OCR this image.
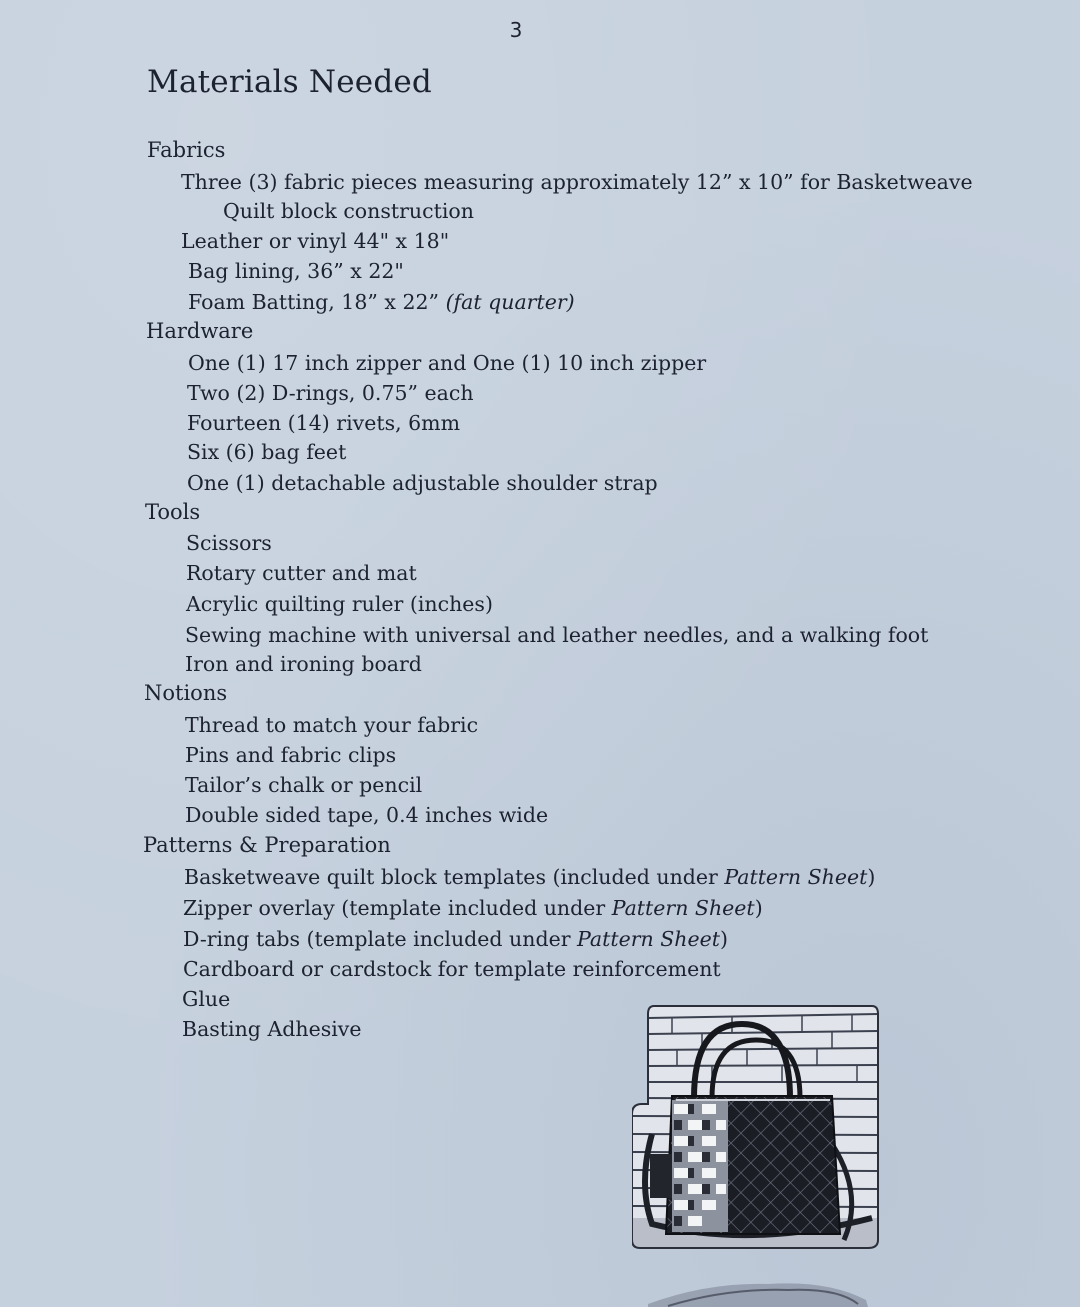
3
Materials Needed
Fabrics
Three (3) fabric pieces measuring approximately 12” x 10” for Basketweave
Quilt block construction
Leather or vinyl 44" x 18"
Bag lining, 36” x 22"
Foam Batting, 18” x 22” (fat quarter)
Hardware
One (1) 17 inch zipper and One (1) 10 inch zipper
Two (2) D-rings, 0.75” each
Fourteen (14) rivets, 6mm
Six (6) bag feet
One (1) detachable adjustable shoulder strap
Tools
Scissors
Rotary cutter and mat
Acrylic quilting ruler (inches)
Sewing machine with universal and leather needles, and a walking foot
Iron and ironing board
Notions
Thread to match your fabric
Pins and fabric clips
Tailor’s chalk or pencil
Double sided tape, 0.4 inches wide
Patterns & Preparation
Basketweave quilt block templates (included under Pattern Sheet)
Zipper overlay (template included under Pattern Sheet)
D-ring tabs (template included under Pattern Sheet)
Cardboard or cardstock for template reinforcement
Glue
Basting Adhesive
